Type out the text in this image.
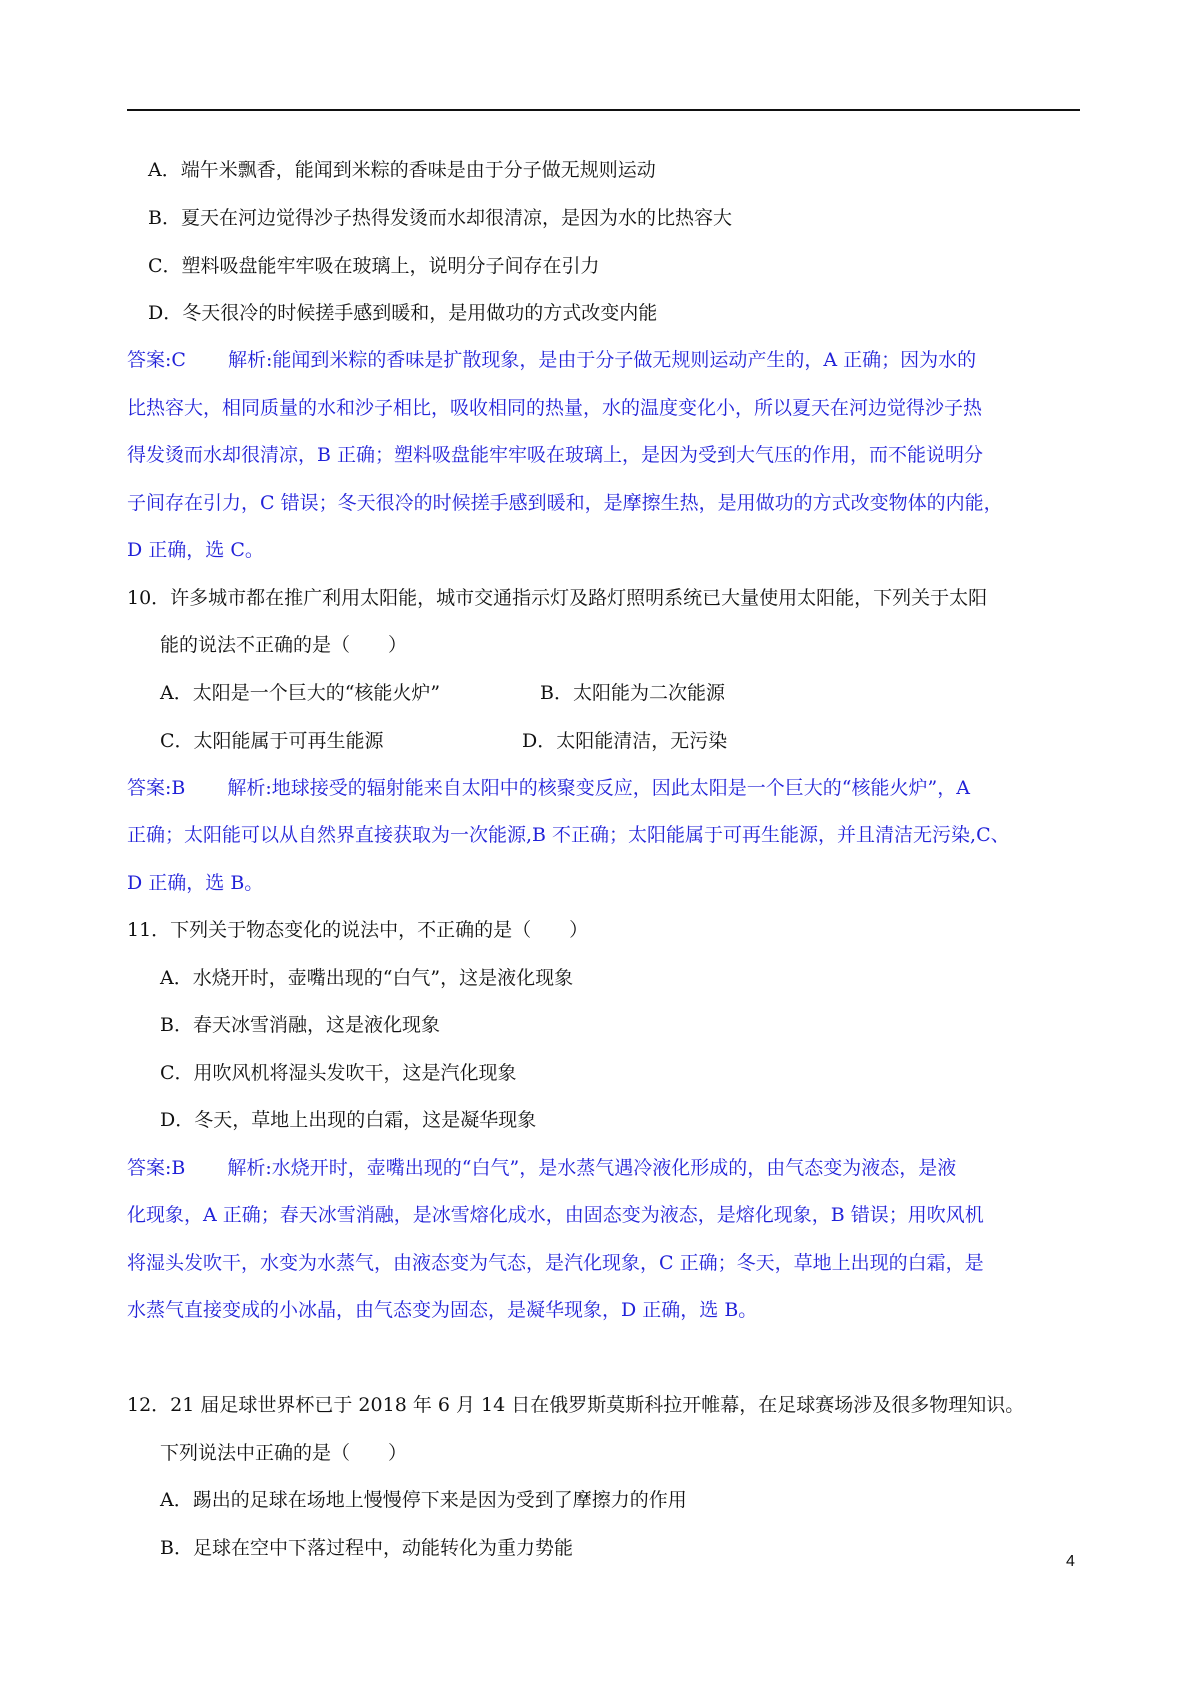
A．端午米飘香，能闻到米粽的香味是由于分子做无规则运动
B．夏天在河边觉得沙子热得发烫而水却很清凉，是因为水的比热容大
C．塑料吸盘能牢牢吸在玻璃上，说明分子间存在引力
D．冬天很冷的时候搓手感到暖和，是用做功的方式改变内能
答案:C 解析:能闻到米粽的香味是扩散现象，是由于分子做无规则运动产生的，A 正确；因为水的
比热容大，相同质量的水和沙子相比，吸收相同的热量，水的温度变化小，所以夏天在河边觉得沙子热
得发烫而水却很清凉，B 正确；塑料吸盘能牢牢吸在玻璃上，是因为受到大气压的作用，而不能说明分
子间存在引力，C 错误；冬天很冷的时候搓手感到暖和，是摩擦生热，是用做功的方式改变物体的内能，
D 正确，选 C。
10．许多城市都在推广利用太阳能，城市交通指示灯及路灯照明系统已大量使用太阳能，下列关于太阳
能的说法不正确的是（　　）
A．太阳是一个巨大的“核能火炉”	B．太阳能为二次能源
C．太阳能属于可再生能源	D．太阳能清洁，无污染
答案:B 解析:地球接受的辐射能来自太阳中的核聚变反应，因此太阳是一个巨大的“核能火炉”，A
正确；太阳能可以从自然界直接获取为一次能源,B 不正确；太阳能属于可再生能源，并且清洁无污染,C、
D 正确，选 B。
11．下列关于物态变化的说法中，不正确的是（　　）
A．水烧开时，壶嘴出现的“白气”，这是液化现象
B．春天冰雪消融，这是液化现象
C．用吹风机将湿头发吹干，这是汽化现象
D．冬天，草地上出现的白霜，这是凝华现象
答案:B 解析:水烧开时，壶嘴出现的“白气”，是水蒸气遇冷液化形成的，由气态变为液态，是液
化现象，A 正确；春天冰雪消融，是冰雪熔化成水，由固态变为液态，是熔化现象，B 错误；用吹风机
将湿头发吹干，水变为水蒸气，由液态变为气态，是汽化现象，C 正确；冬天，草地上出现的白霜，是
水蒸气直接变成的小冰晶，由气态变为固态，是凝华现象，D 正确，选 B。
12．21 届足球世界杯已于 2018 年 6 月 14 日在俄罗斯莫斯科拉开帷幕，在足球赛场涉及很多物理知识。
下列说法中正确的是（　　）
A．踢出的足球在场地上慢慢停下来是因为受到了摩擦力的作用
B．足球在空中下落过程中，动能转化为重力势能
4
